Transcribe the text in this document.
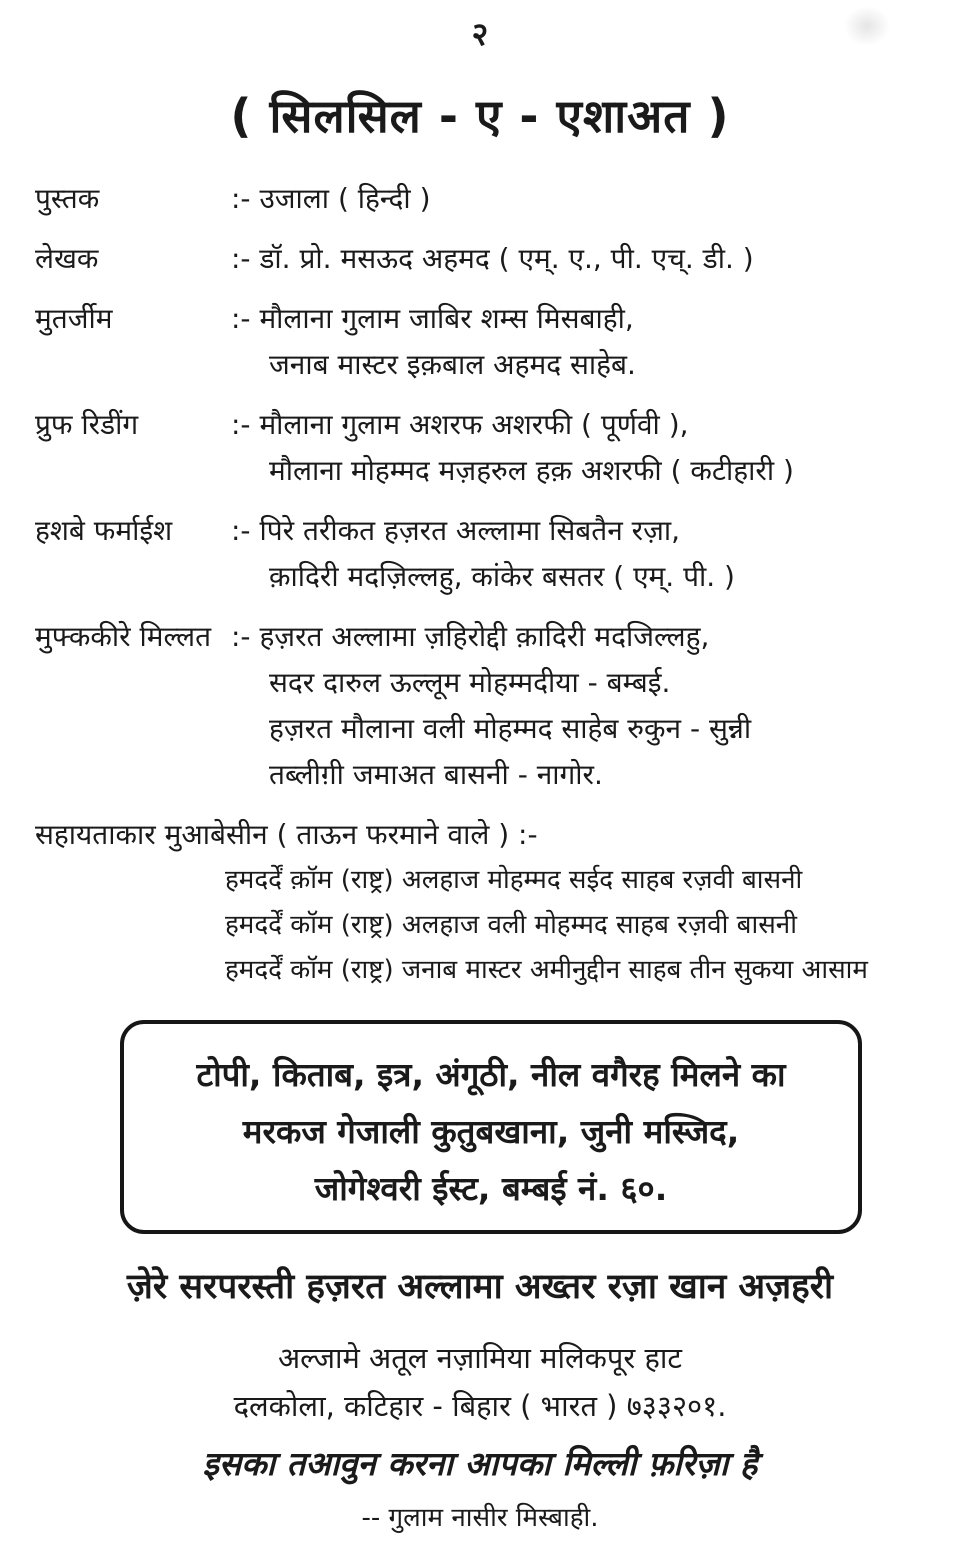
२
( सिलसिल - ए - एशाअत )
पुस्तक	:- उजाला ( हिन्दी )
लेखक	:- डॉ. प्रो. मसऊद अहमद ( एम्. ए., पी. एच्. डी. )
मुतर्जीम	:- मौलाना गुलाम जाबिर शम्स मिसबाही,
जनाब मास्टर इक़बाल अहमद साहेब.
प्रुफ रिडींग	:- मौलाना गुलाम अशरफ अशरफी ( पूर्णवी ),
मौलाना मोहम्मद मज़हरुल हक़ अशरफी ( कटीहारी )
हशबे फर्माईश	:- पिरे तरीकत हज़रत अल्लामा सिबतैन रज़ा,
क़ादिरी मदज़िल्लहु, कांकेर बसतर ( एम्. पी. )
मुफ्ककीरे मिल्लत :- हज़रत अल्लामा ज़हिरोद्दी क़ादिरी मदजिल्लहु,
सदर दारुल ऊल्लूम मोहम्मदीया - बम्बई.
हज़रत मौलाना वली मोहम्मद साहेब रुकुन - सुन्नी
तब्लीग़ी जमाअत बासनी - नागोर.
सहायताकार मुआबेसीन ( ताऊन फरमाने वाले ) :-
हमदर्दें क़ॉम (राष्ट्र) अलहाज मोहम्मद सईद साहब रज़वी बासनी
हमदर्दें कॉम (राष्ट्र) अलहाज वली मोहम्मद साहब रज़वी बासनी
हमदर्दें कॉम (राष्ट्र) जनाब मास्टर अमीनुद्दीन साहब तीन सुकया आसाम
टोपी, किताब, इत्र, अंगूठी, नील वगैरह मिलने का
मरकज गेजाली कुतुबखाना, जुनी मस्जिद,
जोगेश्वरी ईस्ट, बम्बई नं. ६०.
ज़ेरे सरपरस्ती हज़रत अल्लामा अख्तर रज़ा खान अज़हरी
अल्जामे अतूल नज़ामिया मलिकपूर हाट
दलकोला, कटिहार - बिहार ( भारत ) ७३३२०१.
इसका तआवुन करना आपका मिल्ली फ़रिज़ा है
-- गुलाम नासीर मिस्बाही.
